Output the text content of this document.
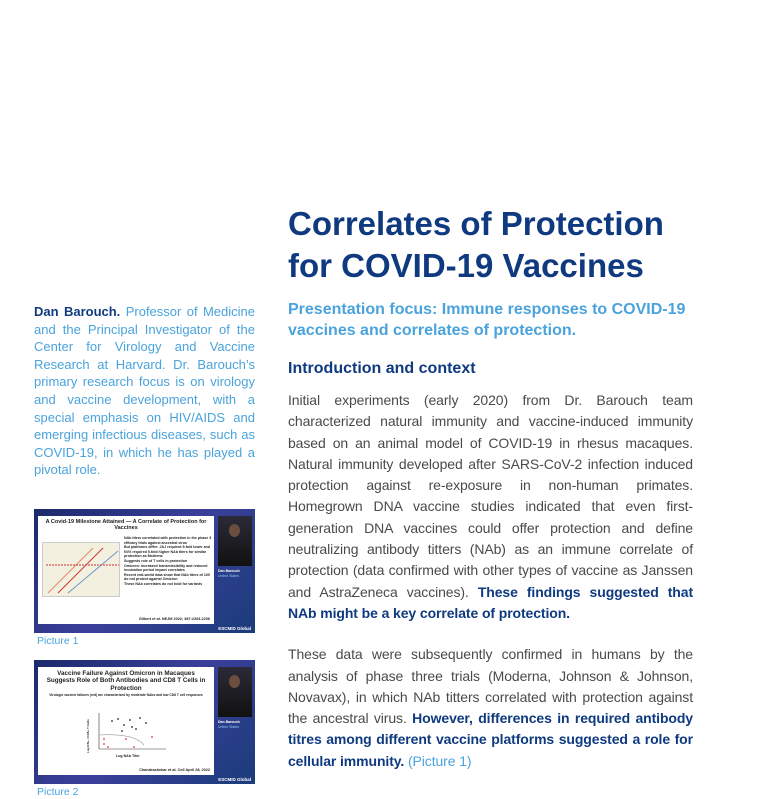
Correlates of Protection for COVID-19 Vaccines
Presentation focus: Immune responses to COVID-19 vaccines and correlates of protection.
Introduction and context

Initial experiments (early 2020) from Dr. Barouch team characterized natural immunity and vaccine-induced immunity based on an animal model of COVID-19 in rhesus macaques. Natural immunity developed after SARS-CoV-2 infection induced protection against re-exposure in non-human primates. Homegrown DNA vaccine studies indicated that even first-generation DNA vaccines could offer protection and define neutralizing antibody titters (NAb) as an immune correlate of protection (data confirmed with other types of vaccine as Janssen and AstraZeneca vaccines). These findings suggested that NAb might be a key correlate of protection.

These data were subsequently confirmed in humans by the analysis of phase three trials (Moderna, Johnson & Johnson, Novavax), in which NAb titters correlated with protection against the ancestral virus. However, differences in required antibody titres among different vaccine platforms suggested a role for cellular immunity. (Picture 1)

Dan Barouch. Professor of Medicine and the Principal Investigator of the Center for Virology and Vaccine Research at Harvard. Dr. Barouch’s primary research focus is on virology and vaccine development, with a special emphasis on HIV/AIDS and emerging infectious diseases, such as COVID-19, in which he has played a pivotal role.

A Covid-19 Milestone Attained — A Correlate of Protection for Vaccines
NAb titers correlated with protection in the phase 3 efficacy trials against ancestral virus
But platforms differ: J&J required 9-fold lower and NVX required 9-fold higher NAb titers for similar protection as Moderna
Suggests role of T cells in protection
Omicron: increased transmissibility and reduced incubation period impact correlates
Recent real-world data show that NAb titers of 100 do not protect against Omicron
These NAb correlates do not hold for variants
Gilbert et al. NEJM 2022; 387:2203-2206
Dan Barouch
United States
ESCMID Global
Picture 1
Vaccine Failure Against Omicron in Macaques Suggests Role of Both Antibodies and CD8 T Cells in Protection
Virologic vaccine failures (red) are characterized by moderate NAbs and low CD8 T cell responses
Log NAb Titer
Log IFN+ / CD8+ T Cells
Chandrashekar et al. Cell April 28, 2022
Dan Barouch
United States
ESCMID Global
Picture 2
